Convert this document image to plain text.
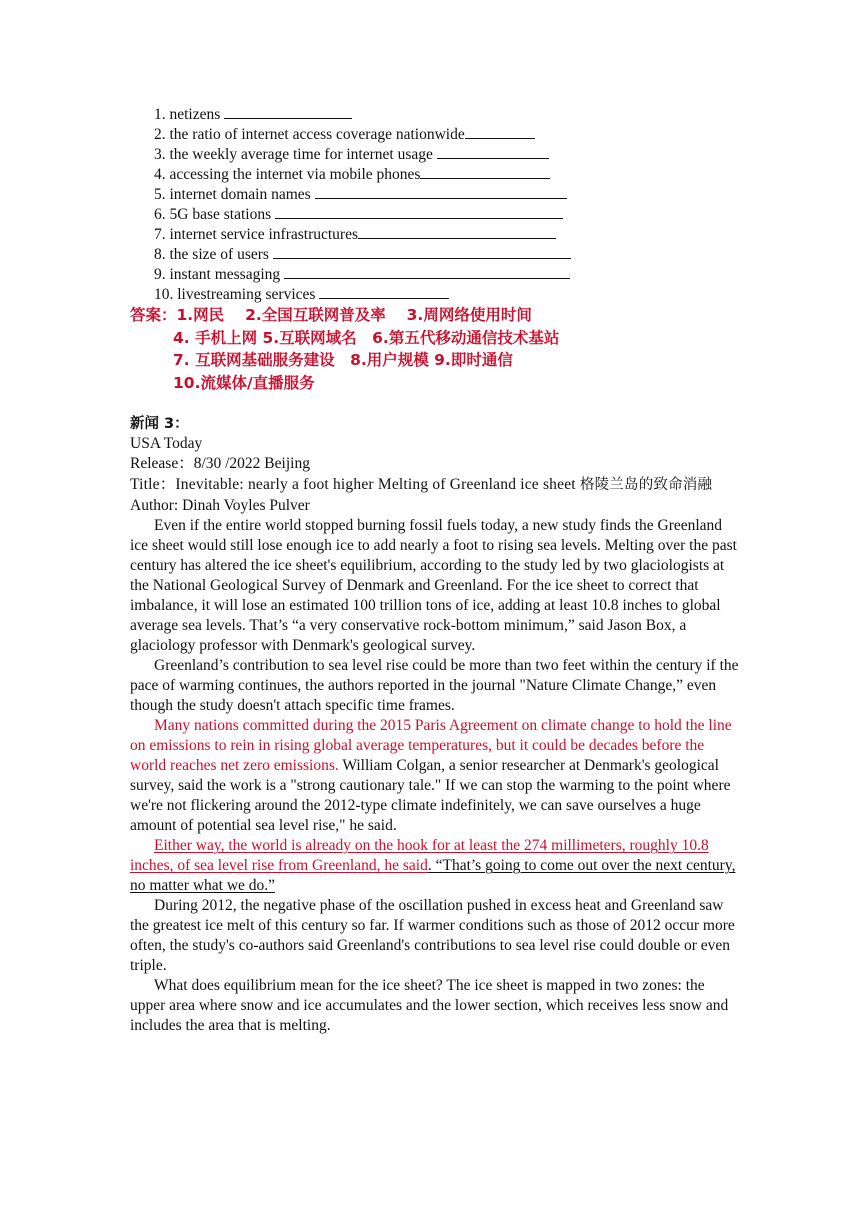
1. netizens
2. the ratio of internet access coverage nationwide
3. the weekly average time for internet usage
4. accessing the internet via mobile phones
5. internet domain names
6. 5G base stations
7. internet service infrastructures
8. the size of users
9. instant messaging
10. livestreaming services
答案：1.网民　 2.全国互联网普及率　 3.周网络使用时间
4. 手机上网 5.互联网域名　6.第五代移动通信技术基站
7. 互联网基础服务建设　8.用户规模 9.即时通信
10.流媒体/直播服务
新闻 3：
USA Today
Release：8/30 /2022 Beijing
Title：Inevitable: nearly a foot higher Melting of Greenland ice sheet 格陵兰岛的致命消融
Author: Dinah Voyles Pulver

Even if the entire world stopped burning fossil fuels today, a new study finds the Greenland ice sheet would still lose enough ice to add nearly a foot to rising sea levels. Melting over the past century has altered the ice sheet's equilibrium, according to the study led by two glaciologists at the National Geological Survey of Denmark and Greenland. For the ice sheet to correct that imbalance, it will lose an estimated 100 trillion tons of ice, adding at least 10.8 inches to global average sea levels. That’s “a very conservative rock-bottom minimum,” said Jason Box, a glaciology professor with Denmark's geological survey.

Greenland’s contribution to sea level rise could be more than two feet within the century if the pace of warming continues, the authors reported in the journal "Nature Climate Change,” even though the study doesn't attach specific time frames.

Many nations committed during the 2015 Paris Agreement on climate change to hold the line on emissions to rein in rising global average temperatures, but it could be decades before the world reaches net zero emissions. William Colgan, a senior researcher at Denmark's geological survey, said the work is a "strong cautionary tale." If we can stop the warming to the point where we're not flickering around the 2012-type climate indefinitely, we can save ourselves a huge amount of potential sea level rise," he said.

Either way, the world is already on the hook for at least the 274 millimeters, roughly 10.8 inches, of sea level rise from Greenland, he said. “That’s going to come out over the next century, no matter what we do.”

During 2012, the negative phase of the oscillation pushed in excess heat and Greenland saw the greatest ice melt of this century so far. If warmer conditions such as those of 2012 occur more often, the study's co-authors said Greenland's contributions to sea level rise could double or even triple.

What does equilibrium mean for the ice sheet? The ice sheet is mapped in two zones: the upper area where snow and ice accumulates and the lower section, which receives less snow and includes the area that is melting.
